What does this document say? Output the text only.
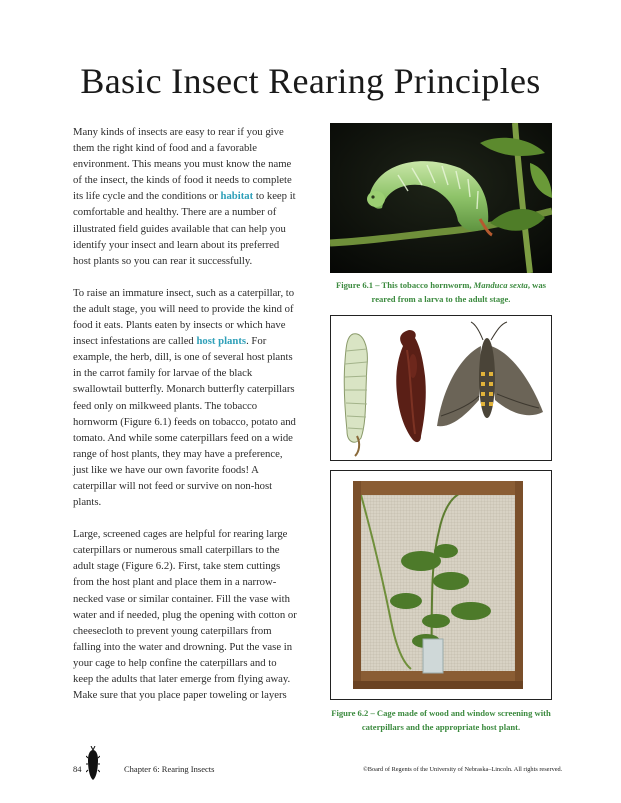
Basic Insect Rearing Principles

Many kinds of insects are easy to rear if you give them the right kind of food and a favorable environment. This means you must know the name of the insect, the kinds of food it needs to complete its life cycle and the conditions or habitat to keep it comfortable and healthy. There are a number of illustrated field guides available that can help you identify your insect and learn about its preferred host plants so you can rear it successfully.

To raise an immature insect, such as a caterpillar, to the adult stage, you will need to provide the kind of food it eats. Plants eaten by insects or which have insect infestations are called host plants. For example, the herb, dill, is one of several host plants in the carrot family for larvae of the black swallowtail butterfly. Monarch butterfly caterpillars feed only on milkweed plants. The tobacco hornworm (Figure 6.1) feeds on tobacco, potato and tomato. And while some caterpillars feed on a wide range of host plants, they may have a preference, just like we have our own favorite foods! A caterpillar will not feed or survive on non-host plants.

Large, screened cages are helpful for rearing large caterpillars or numerous small caterpillars to the adult stage (Figure 6.2). First, take stem cuttings from the host plant and place them in a narrow-necked vase or similar container. Fill the vase with water and if needed, plug the opening with cotton or cheesecloth to prevent young caterpillars from falling into the water and drowning. Put the vase in your cage to help confine the caterpillars and to keep the adults that later emerge from flying away. Make sure that you place paper toweling or layers

Figure 6.1 – This tobacco hornworm, Manduca sexta, was reared from a larva to the adult stage.
Figure 6.2 – Cage made of wood and window screening with caterpillars and the appropriate host plant.
84	Chapter 6: Rearing Insects	©Board of Regents of the University of Nebraska–Lincoln. All rights reserved.
